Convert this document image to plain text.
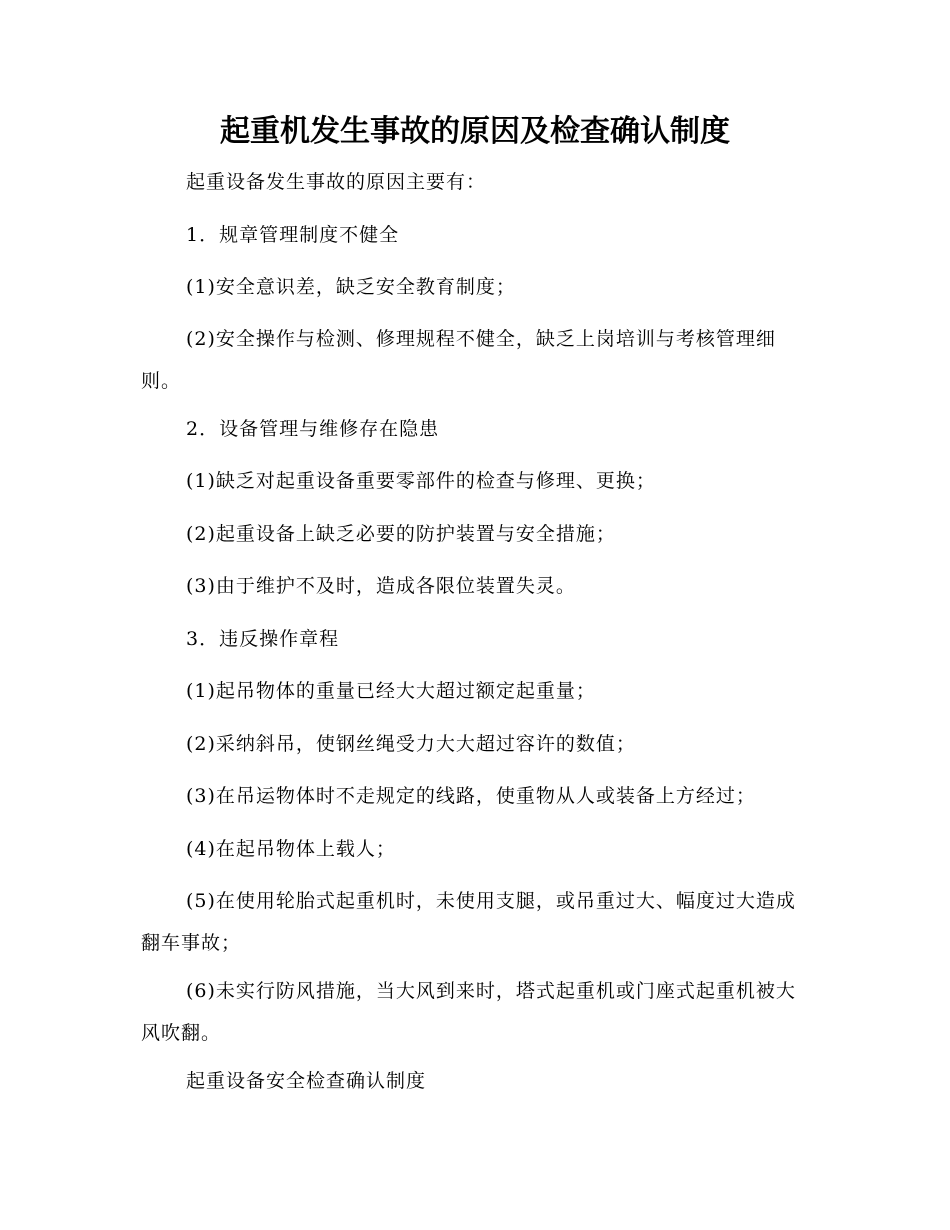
起重机发生事故的原因及检查确认制度
起重设备发生事故的原因主要有：
1．规章管理制度不健全
(1)安全意识差，缺乏安全教育制度；
(2)安全操作与检测、修理规程不健全，缺乏上岗培训与考核管理细则。
2．设备管理与维修存在隐患
(1)缺乏对起重设备重要零部件的检查与修理、更换；
(2)起重设备上缺乏必要的防护装置与安全措施；
(3)由于维护不及时，造成各限位装置失灵。
3．违反操作章程
(1)起吊物体的重量已经大大超过额定起重量；
(2)采纳斜吊，使钢丝绳受力大大超过容许的数值；
(3)在吊运物体时不走规定的线路，使重物从人或装备上方经过；
(4)在起吊物体上载人；
(5)在使用轮胎式起重机时，未使用支腿，或吊重过大、幅度过大造成翻车事故；
(6)未实行防风措施，当大风到来时，塔式起重机或门座式起重机被大风吹翻。
起重设备安全检查确认制度
